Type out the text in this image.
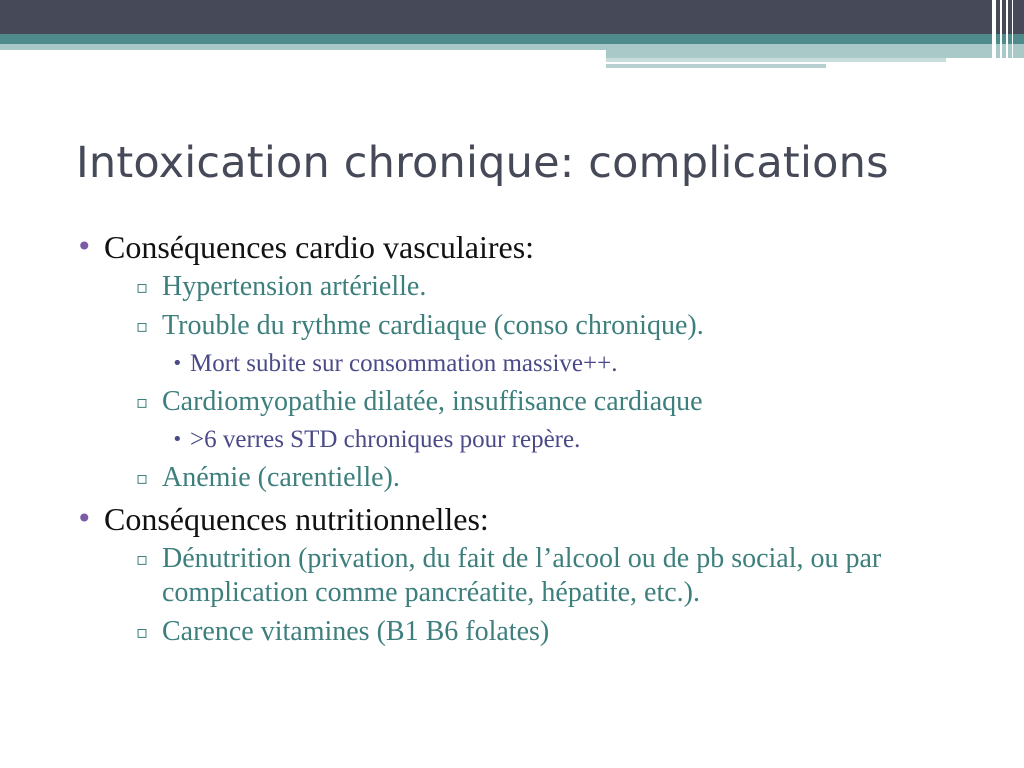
Intoxication chronique: complications
• Conséquences cardio vasculaires:
▫ Hypertension artérielle.
▫ Trouble du rythme cardiaque (conso chronique).
• Mort subite sur consommation massive++.
▫ Cardiomyopathie dilatée, insuffisance cardiaque
• >6 verres STD chroniques pour repère.
▫ Anémie (carentielle).
• Conséquences nutritionnelles:
▫ Dénutrition (privation, du fait de l’alcool ou de pb social, ou par complication comme pancréatite, hépatite, etc.).
▫ Carence vitamines (B1 B6 folates)
